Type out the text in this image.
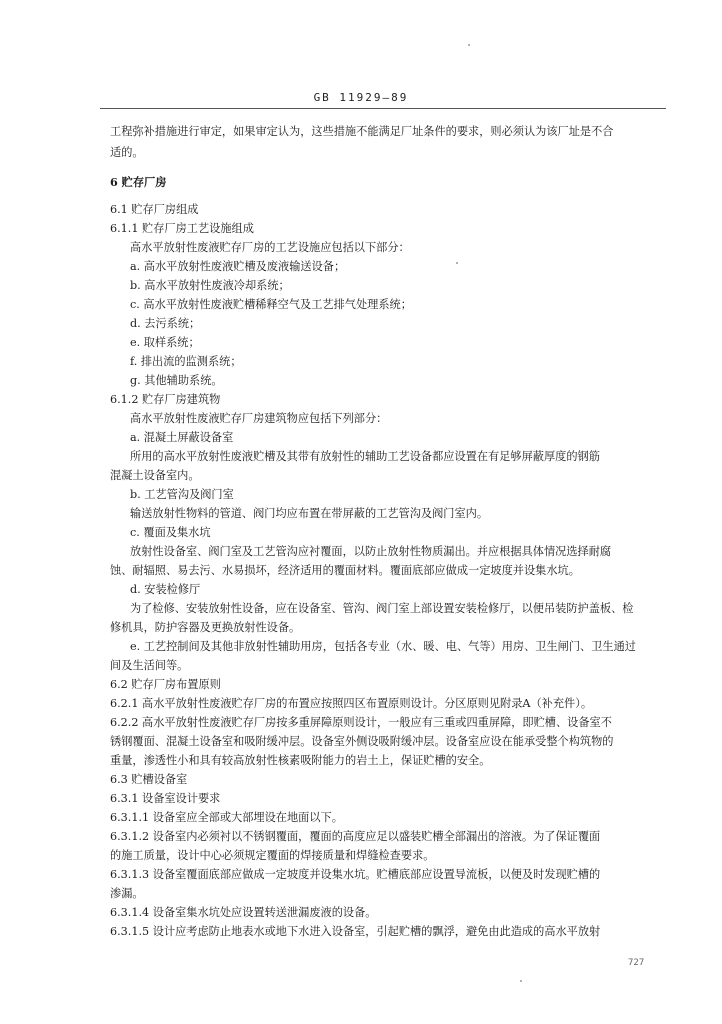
GB 11929—89
工程弥补措施进行审定，如果审定认为，这些措施不能满足厂址条件的要求，则必须认为该厂址是不合
适的。
6 贮存厂房
6.1 贮存厂房组成
6.1.1 贮存厂房工艺设施组成
高水平放射性废液贮存厂房的工艺设施应包括以下部分：
a. 高水平放射性废液贮槽及废液输送设备；
b. 高水平放射性废液冷却系统；
c. 高水平放射性废液贮槽稀释空气及工艺排气处理系统；
d. 去污系统；
e. 取样系统；
f. 排出流的监测系统；
g. 其他辅助系统。
6.1.2 贮存厂房建筑物
高水平放射性废液贮存厂房建筑物应包括下列部分：
a. 混凝土屏蔽设备室
所用的高水平放射性废液贮槽及其带有放射性的辅助工艺设备都应设置在有足够屏蔽厚度的钢筋
混凝土设备室内。
b. 工艺管沟及阀门室
输送放射性物料的管道、阀门均应布置在带屏蔽的工艺管沟及阀门室内。
c. 覆面及集水坑
放射性设备室、阀门室及工艺管沟应衬覆面，以防止放射性物质漏出。并应根据具体情况选择耐腐
蚀、耐辐照、易去污、水易损坏，经济适用的覆面材料。覆面底部应做成一定坡度并设集水坑。
d. 安装检修厅
为了检修、安装放射性设备，应在设备室、管沟、阀门室上部设置安装检修厅，以便吊装防护盖板、检
修机具，防护容器及更换放射性设备。
e. 工艺控制间及其他非放射性辅助用房，包括各专业（水、暖、电、气等）用房、卫生闸门、卫生通过
间及生活间等。
6.2 贮存厂房布置原则
6.2.1 高水平放射性废液贮存厂房的布置应按照四区布置原则设计。分区原则见附录A（补充件）。
6.2.2 高水平放射性废液贮存厂房按多重屏障原则设计，一般应有三重或四重屏障，即贮槽、设备室不
锈钢覆面、混凝土设备室和吸附缓冲层。设备室外侧设吸附缓冲层。设备室应设在能承受整个构筑物的
重量，渗透性小和具有较高放射性核素吸附能力的岩土上，保证贮槽的安全。
6.3 贮槽设备室
6.3.1 设备室设计要求
6.3.1.1 设备室应全部或大部埋设在地面以下。
6.3.1.2 设备室内必须衬以不锈钢覆面，覆面的高度应足以盛装贮槽全部漏出的溶液。为了保证覆面
的施工质量，设计中心必须规定覆面的焊接质量和焊缝检查要求。
6.3.1.3 设备室覆面底部应做成一定坡度并设集水坑。贮槽底部应设置导流板，以便及时发现贮槽的
渗漏。
6.3.1.4 设备室集水坑处应设置转送泄漏废液的设备。
6.3.1.5 设计应考虑防止地表水或地下水进入设备室，引起贮槽的飘浮，避免由此造成的高水平放射
727
